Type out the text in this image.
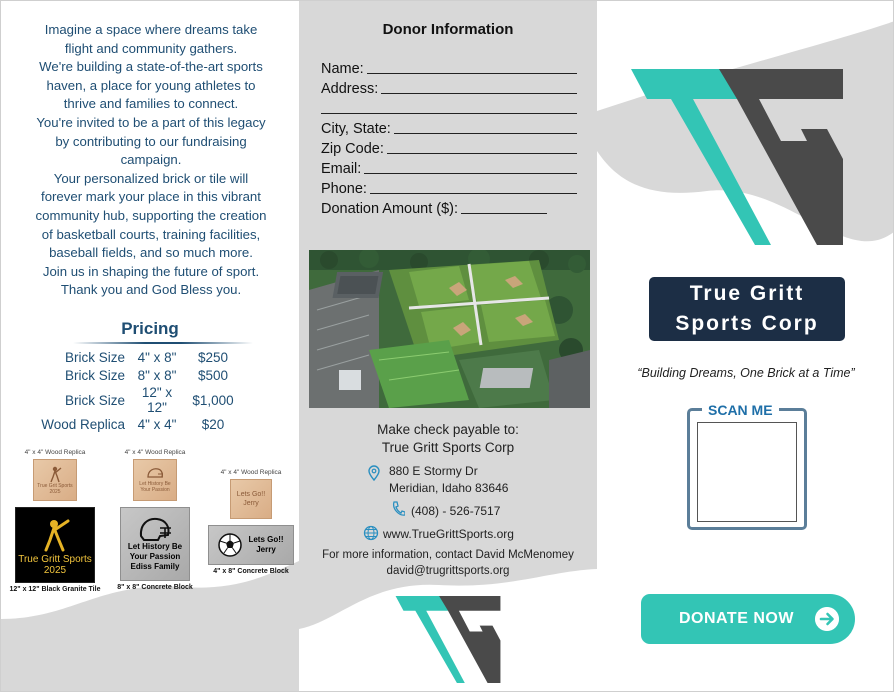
Imagine a space where dreams take
flight and community gathers.
We're building a state-of-the-art sports
haven, a place for young athletes to
thrive and families to connect.
You're invited to be a part of this legacy
by contributing to our fundraising
campaign.
Your personalized brick or tile will
forever mark your place in this vibrant
community hub, supporting the creation
of basketball courts, training facilities,
baseball fields, and so much more.
Join us in shaping the future of sport.
Thank you and God Bless you.
Pricing
Brick Size	4" x 8"	$250
Brick Size	8" x 8"	$500
Brick Size	12" x 12"	$1,000
Wood Replica	4" x 4"	$20
4" x 4" Wood Replica
True Grit Sports 2025
True Gritt Sports
2025
12" x 12" Black Granite Tile
4" x 4" Wood Replica
Let History Be Your Passion
Let History Be
Your Passion
Ediss Family
8" x 8" Concrete Block
4" x 4" Wood Replica
Lets Go!! Jerry
Lets Go!!
Jerry
4" x 8" Concrete Block
Donor Information
Name:
Address:
City, State:
Zip Code:
Email:
Phone:
Donation Amount ($):
Make check payable to:
True Gritt Sports Corp
880 E Stormy Dr
Meridian, Idaho 83646
(408) - 526-7517
www.TrueGrittSports.org
For more information, contact David McMenomey
david@trugrittsports.org
True Gritt
Sports Corp
“Building Dreams, One Brick at a Time”
SCAN ME
DONATE NOW
